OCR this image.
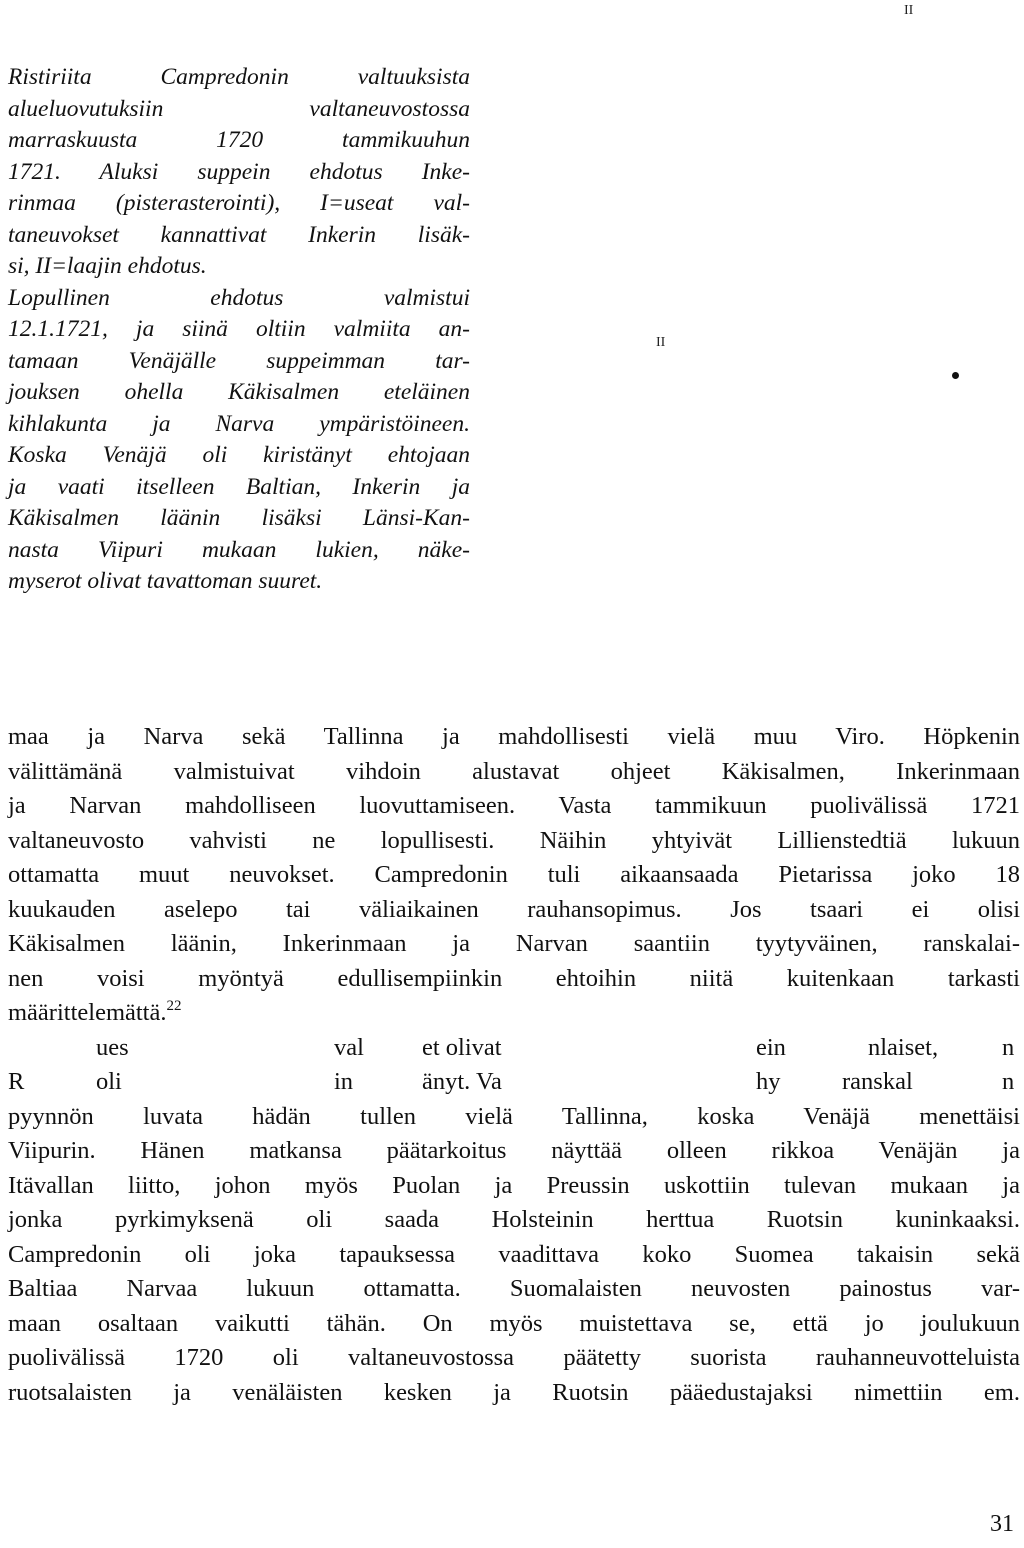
II
II
Ristiriita Campredonin valtuuksista
alueluovutuksiin valtaneuvostossa
marraskuusta 1720 tammikuuhun
1721. Aluksi suppein ehdotus Inke-
rinmaa (pisterasterointi), I=useat val-
taneuvokset kannattivat Inkerin lisäk-
si, II=laajin ehdotus.
Lopullinen ehdotus valmistui
12.1.1721, ja siinä oltiin valmiita an-
tamaan Venäjälle suppeimman tar-
jouksen ohella Käkisalmen eteläinen
kihlakunta ja Narva ympäristöineen.
Koska Venäjä oli kiristänyt ehtojaan
ja vaati itselleen Baltian, Inkerin ja
Käkisalmen läänin lisäksi Länsi-Kan-
nasta Viipuri mukaan lukien, näke-
myserot olivat tavattoman suuret.
maa ja Narva sekä Tallinna ja mahdollisesti vielä muu Viro. Höpkenin
välittämänä valmistuivat vihdoin alustavat ohjeet Käkisalmen, Inkerinmaan
ja Narvan mahdolliseen luovuttamiseen. Vasta tammikuun puolivälissä 1721
valtaneuvosto vahvisti ne lopullisesti. Näihin yhtyivät Lillienstedtiä lukuun
ottamatta muut neuvokset. Campredonin tuli aikaansaada Pietarissa joko 18
kuukauden aselepo tai väliaikainen rauhansopimus. Jos tsaari ei olisi
Käkisalmen läänin, Inkerinmaan ja Narvan saantiin tyytyväinen, ranskalai-
nen voisi myöntyä edullisempiinkin ehtoihin niitä kuitenkaan tarkasti
määrittelemättä.$^{22}$
ues	val et olivat	ein	nlaiset,	n
R	oli	in	änyt. Va	hy	ranskal	n
pyynnön luvata hädän tullen vielä Tallinna, koska Venäjä menettäisi
Viipurin. Hänen matkansa päätarkoitus näyttää olleen rikkoa Venäjän ja
Itävallan liitto, johon myös Puolan ja Preussin uskottiin tulevan mukaan ja
jonka pyrkimyksenä oli saada Holsteinin herttua Ruotsin kuninkaaksi.
Campredonin oli joka tapauksessa vaadittava koko Suomea takaisin sekä
Baltiaa Narvaa lukuun ottamatta. Suomalaisten neuvosten painostus var-
maan osaltaan vaikutti tähän. On myös muistettava se, että jo joulukuun
puolivälissä 1720 oli valtaneuvostossa päätetty suorista rauhanneuvotteluista
ruotsalaisten ja venäläisten kesken ja Ruotsin pääedustajaksi nimettiin em.
31
